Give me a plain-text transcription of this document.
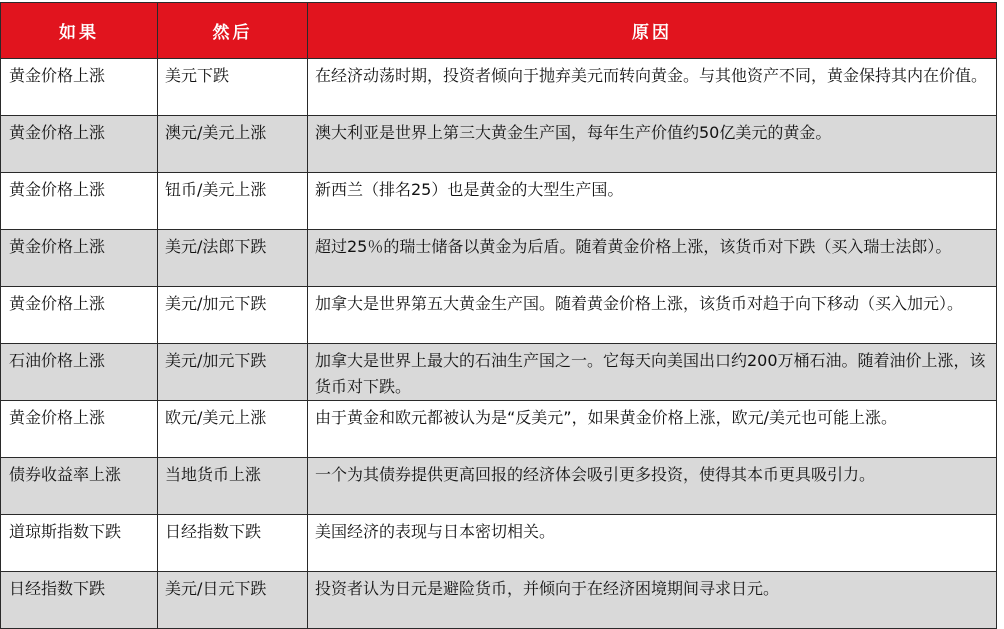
如果	然后	原因
黄金价格上涨	美元下跌	在经济动荡时期，投资者倾向于抛弃美元而转向黄金。与其他资产不同，黄金保持其内在价值。
黄金价格上涨	澳元/美元上涨	澳大利亚是世界上第三大黄金生产国，每年生产价值约50亿美元的黄金。
黄金价格上涨	钮币/美元上涨	新西兰（排名25）也是黄金的大型生产国。
黄金价格上涨	美元/法郎下跌	超过25％的瑞士储备以黄金为后盾。随着黄金价格上涨，该货币对下跌（买入瑞士法郎）。
黄金价格上涨	美元/加元下跌	加拿大是世界第五大黄金生产国。随着黄金价格上涨，该货币对趋于向下移动（买入加元）。
石油价格上涨	美元/加元下跌	加拿大是世界上最大的石油生产国之一。它每天向美国出口约200万桶石油。随着油价上涨，该货币对下跌。
黄金价格上涨	欧元/美元上涨	由于黄金和欧元都被认为是“反美元”，如果黄金价格上涨，欧元/美元也可能上涨。
债券收益率上涨	当地货币上涨	一个为其债券提供更高回报的经济体会吸引更多投资，使得其本币更具吸引力。
道琼斯指数下跌	日经指数下跌	美国经济的表现与日本密切相关。
日经指数下跌	美元/日元下跌	投资者认为日元是避险货币，并倾向于在经济困境期间寻求日元。
